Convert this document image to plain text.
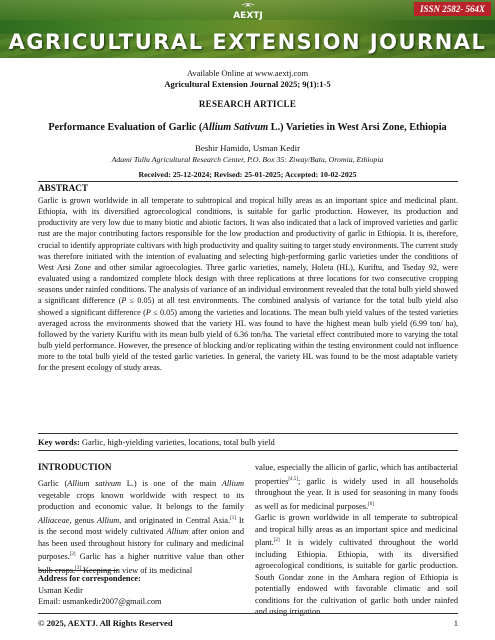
AEXTJ
ISSN 2582- 564X
AGRICULTURAL EXTENSION JOURNAL
Available Online at www.aextj.com
Agricultural Extension Journal 2025; 9(1):1-5
RESEARCH ARTICLE
Performance Evaluation of Garlic (Allium Sativum L.) Varieties in West Arsi Zone, Ethiopia
Beshir Hamido, Usman Kedir
Adami Tullu Agricultural Research Center, P.O. Box 35: Ziway/Batu, Oromia, Ethiopia
Received: 25-12-2024; Revised: 25-01-2025; Accepted: 10-02-2025
ABSTRACT
Garlic is grown worldwide in all temperate to subtropical and tropical hilly areas as an important spice and medicinal plant. Ethiopia, with its diversified agroecological conditions, is suitable for garlic production. However, its production and productivity are very low due to many biotic and abiotic factors. It was also indicated that a lack of improved varieties and garlic rust are the major contributing factors responsible for the low production and productivity of garlic in Ethiopia. It is, therefore, crucial to identify appropriate cultivars with high productivity and quality suiting to target study environments. The current study was therefore initiated with the intention of evaluating and selecting high-performing garlic varieties under the conditions of West Arsi Zone and other similar agroecologies. Three garlic varieties, namely, Holeta (HL), Kuriftu, and Tseday 92, were evaluated using a randomized complete block design with three replications at three locations for two consecutive cropping seasons under rainfed conditions. The analysis of variance of an individual environment revealed that the total bulb yield showed a significant difference (P ≤ 0.05) at all test environments. The combined analysis of variance for the total bulb yield also showed a significant difference (P ≤ 0.05) among the varieties and locations. The mean bulb yield values of the tested varieties averaged across the environments showed that the variety HL was found to have the highest mean bulb yield (6.99 ton/ ha), followed by the variety Kuriftu with its mean bulb yield of 6.36 ton/ha. The varietal effect contributed more to varying the total bulb yield performance. However, the presence of blocking and/or replicating within the testing environment could not influence more to the total bulb yield of the tested garlic varieties. In general, the variety HL was found to be the most adaptable variety for the present ecology of study areas.
Key words: Garlic, high-yielding varieties, locations, total bulb yield
INTRODUCTION
Garlic (Allium sativum L.) is one of the main Allium vegetable crops known worldwide with respect to its production and economic value. It belongs to the family Alliaceae, genus Allium, and originated in Central Asia.[1] It is the second most widely cultivated Allium after onion and has been used throughout history for culinary and medicinal purposes.[2] Garlic has a higher nutritive value than other bulb crops.[3] Keeping in view of its medicinal

value, especially the allicin of garlic, which has antibacterial properties[4,5]; garlic is widely used in all households throughout the year. It is used for seasoning in many foods as well as for medicinal purposes.[6]

Garlic is grown worldwide in all temperate to subtropical and tropical hilly areas as an important spice and medicinal plant.[2] It is widely cultivated throughout the world including Ethiopia. Ethiopia, with its diversified agroecological conditions, is suitable for garlic production. South Gondar zone in the Amhara region of Ethiopia is potentially endowed with favorable climatic and soil conditions for the cultivation of garlic both under rainfed and using irrigation.

Address for correspondence:
Usman Kedir
Email: usmankedir2007@gmail.com
© 2025, AEXTJ. All Rights Reserved	1
